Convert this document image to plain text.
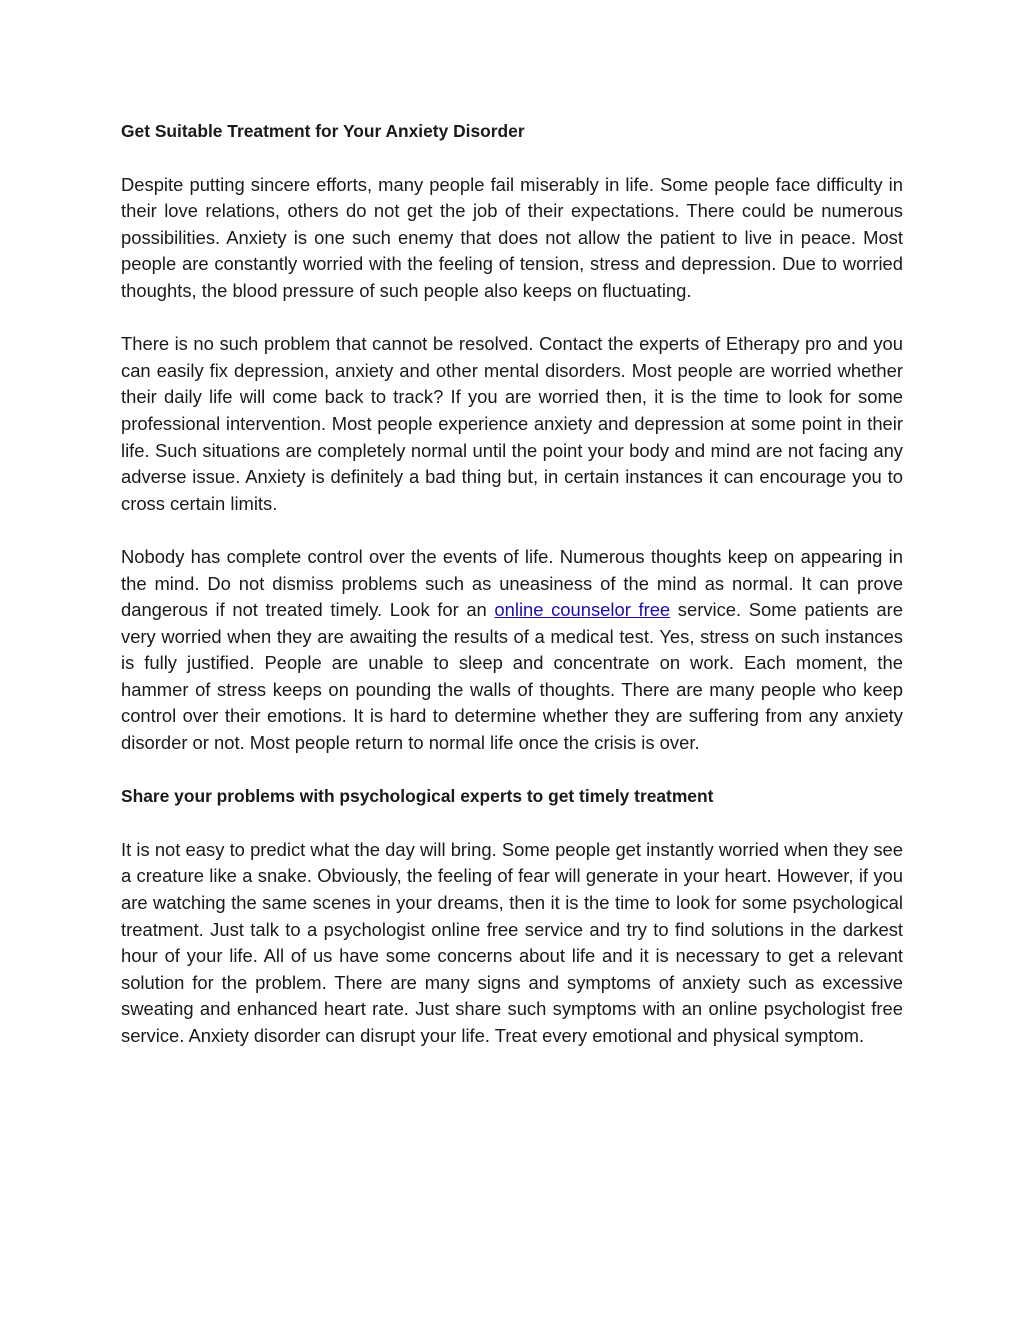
Get Suitable Treatment for Your Anxiety Disorder

Despite putting sincere efforts, many people fail miserably in life. Some people face difficulty in their love relations, others do not get the job of their expectations. There could be numerous possibilities. Anxiety is one such enemy that does not allow the patient to live in peace. Most people are constantly worried with the feeling of tension, stress and depression. Due to worried thoughts, the blood pressure of such people also keeps on fluctuating.

There is no such problem that cannot be resolved. Contact the experts of Etherapy pro and you can easily fix depression, anxiety and other mental disorders. Most people are worried whether their daily life will come back to track? If you are worried then, it is the time to look for some professional intervention. Most people experience anxiety and depression at some point in their life. Such situations are completely normal until the point your body and mind are not facing any adverse issue. Anxiety is definitely a bad thing but, in certain instances it can encourage you to cross certain limits.

Nobody has complete control over the events of life. Numerous thoughts keep on appearing in the mind. Do not dismiss problems such as uneasiness of the mind as normal. It can prove dangerous if not treated timely. Look for an online counselor free service. Some patients are very worried when they are awaiting the results of a medical test. Yes, stress on such instances is fully justified. People are unable to sleep and concentrate on work. Each moment, the hammer of stress keeps on pounding the walls of thoughts. There are many people who keep control over their emotions. It is hard to determine whether they are suffering from any anxiety disorder or not. Most people return to normal life once the crisis is over.

Share your problems with psychological experts to get timely treatment

It is not easy to predict what the day will bring. Some people get instantly worried when they see a creature like a snake. Obviously, the feeling of fear will generate in your heart. However, if you are watching the same scenes in your dreams, then it is the time to look for some psychological treatment. Just talk to a psychologist online free service and try to find solutions in the darkest hour of your life. All of us have some concerns about life and it is necessary to get a relevant solution for the problem. There are many signs and symptoms of anxiety such as excessive sweating and enhanced heart rate. Just share such symptoms with an online psychologist free service. Anxiety disorder can disrupt your life. Treat every emotional and physical symptom.
